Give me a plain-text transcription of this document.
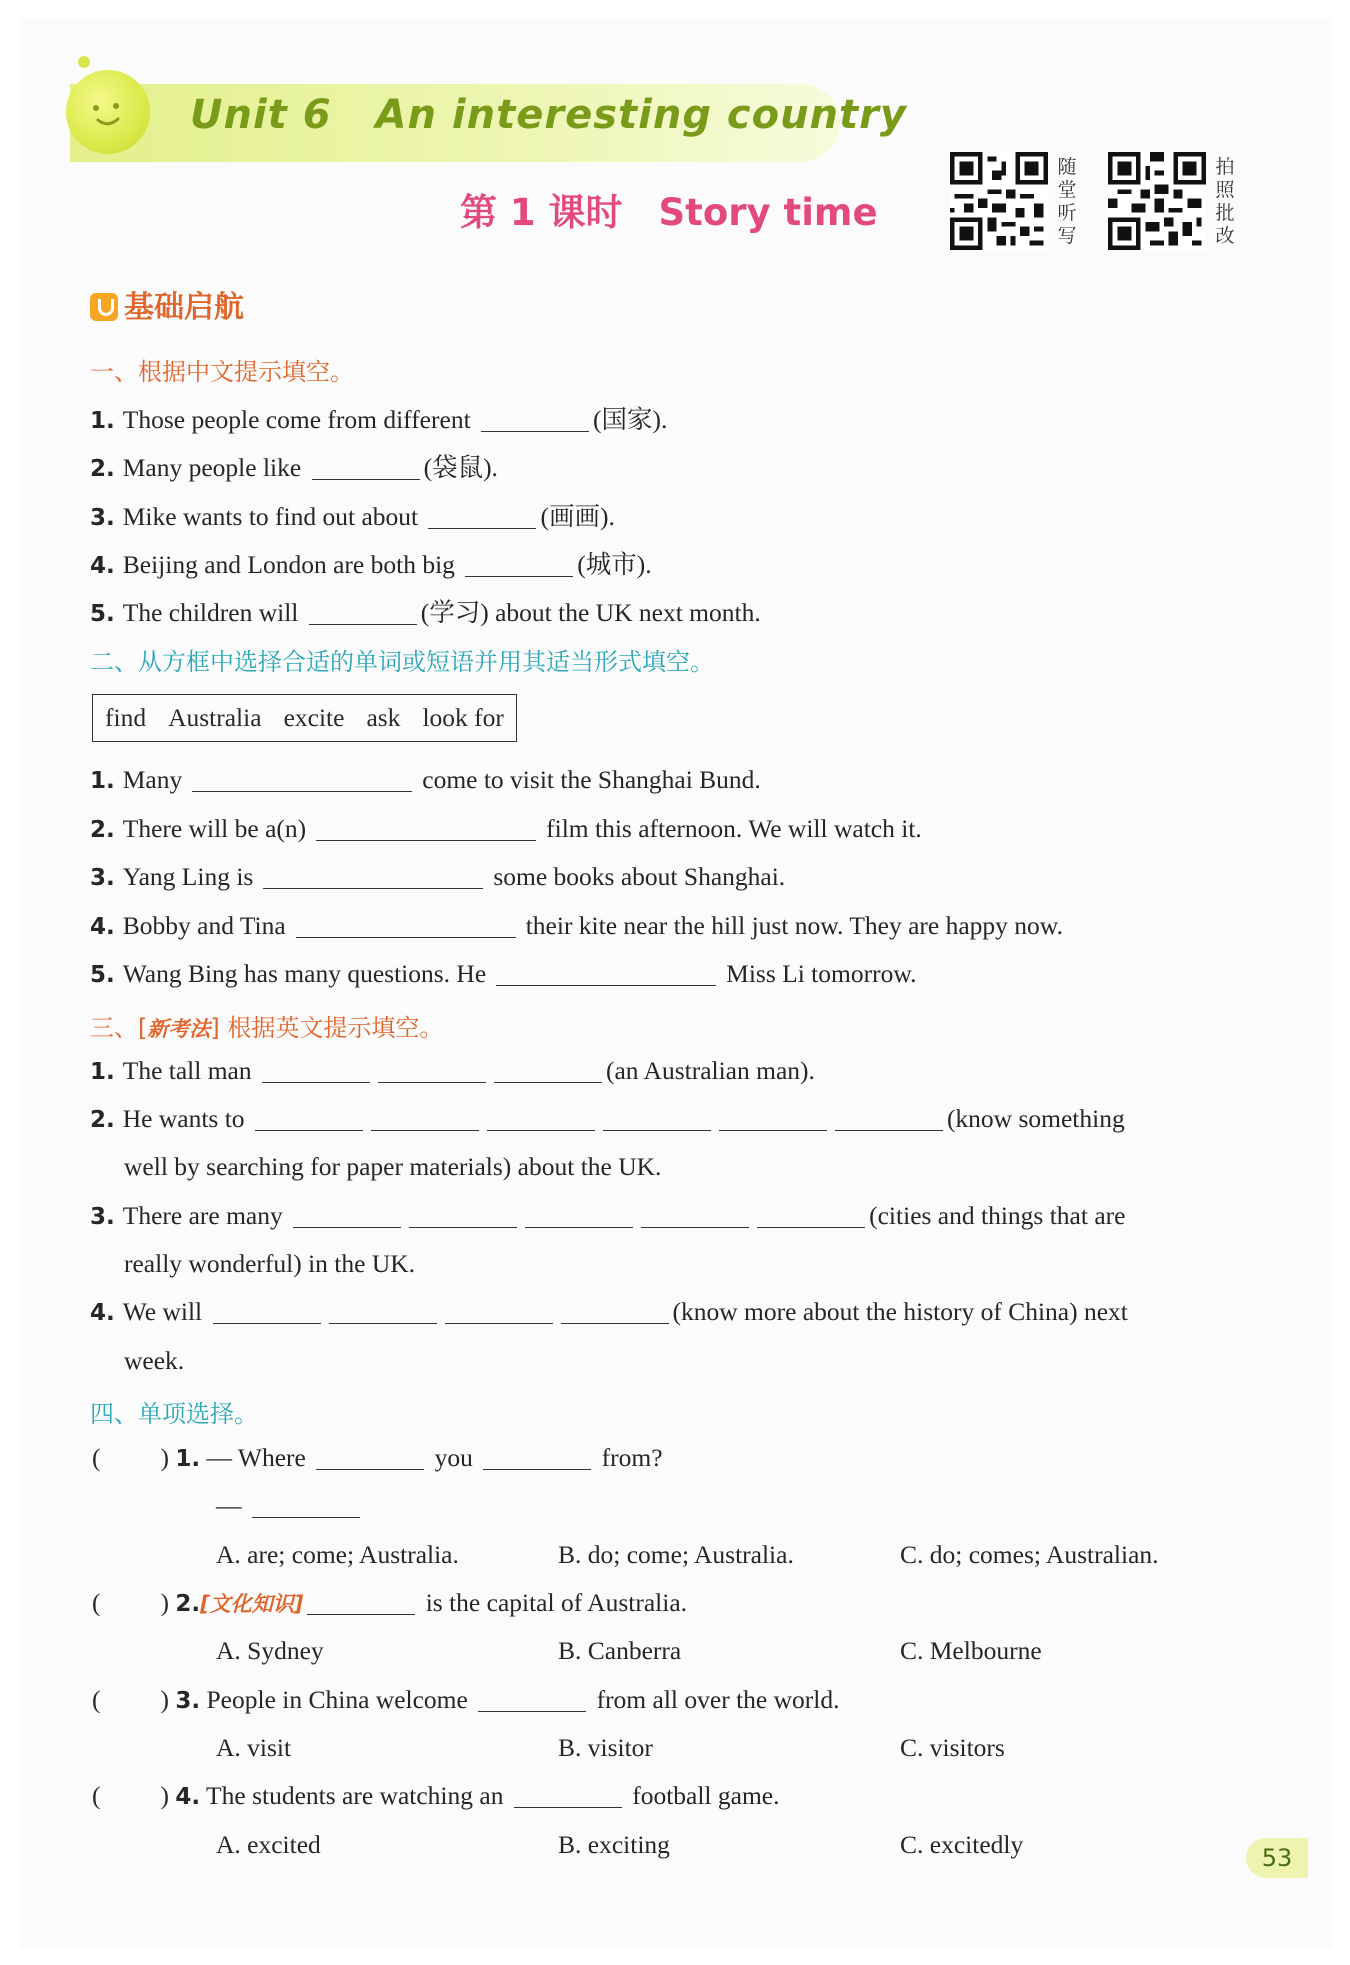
Unit 6 An interesting country
第 1 课时 Story time
随
堂
听
写
拍
照
批
改
基础启航
一、根据中文提示填空。
1. Those people come from different	(国家).
2. Many people like	(袋鼠).
3. Mike wants to find out about	(画画).
4. Beijing and London are both big	(城市).
5. The children will	(学习) about the UK next month.
二、从方框中选择合适的单词或短语并用其适当形式填空。
find Australia excite ask look for
1. Many	come to visit the Shanghai Bund.
2. There will be a(n)	film this afternoon. We will watch it.
3. Yang Ling is	some books about Shanghai.
4. Bobby and Tina	their kite near the hill just now. They are happy now.
5. Wang Bing has many questions. He	Miss Li tomorrow.
三、[新考法] 根据英文提示填空。
1. The tall man	(an Australian man).
2. He wants to	(know something
well by searching for paper materials) about the UK.
3. There are many	(cities and things that are
really wonderful) in the UK.
4. We will	(know more about the history of China) next
week.
四、单项选择。
( ) 1. — Where	you	from?
—
A. are; come; Australia.	B. do; come; Australia.	C. do; comes; Australian.
( ) 2.[文化知识]	is the capital of Australia.
A. Sydney	B. Canberra	C. Melbourne
( ) 3. People in China welcome	from all over the world.
A. visit	B. visitor	C. visitors
( ) 4. The students are watching an	football game.
A. excited	B. exciting	C. excitedly	53
